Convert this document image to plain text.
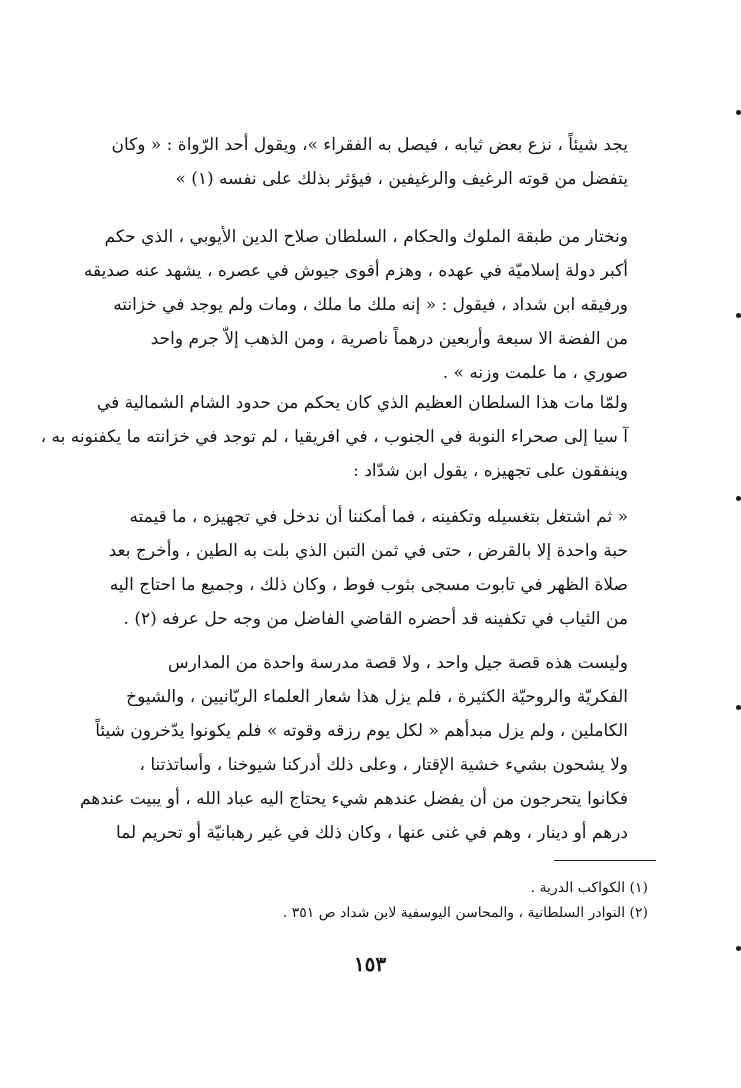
يجد شيئاً ، نزع بعض ثيابه ، فيصل به الفقراء »، ويقول أحد الرّواة : « وكان
يتفضل من قوته الرغيف والرغيفين ، فيؤثر بذلك على نفسه (١) »
ونختار من طبقة الملوك والحكام ، السلطان صلاح الدين الأيوبي ، الذي حكم
أكبر دولة إسلاميّة في عهده ، وهزم أقوى جيوش في عصره ، يشهد عنه صديقه
ورفيقه ابن شداد ، فيقول : « إنه ملك ما ملك ، ومات ولم يوجد في خزانته
من الفضة الا سبعة وأربعين درهماً ناصرية ، ومن الذهب إلاّ جرم واحد
صوري ، ما علمت وزنه » .
ولمّا مات هذا السلطان العظيم الذي كان يحكم من حدود الشام الشمالية في
آ سيا إلى صحراء النوبة في الجنوب ، في افريقيا ، لم توجد في خزانته ما يكفنونه به ،
وينفقون على تجهيزه ، يقول ابن شدّاد :
« ثم اشتغل بتغسيله وتكفينه ، فما أمكننا أن ندخل في تجهيزه ، ما قيمته
حبة واحدة إلا بالقرض ، حتى في ثمن التبن الذي بلت به الطين ، وأخرج بعد
صلاة الظهر في تابوت مسجى بثوب فوط ، وكان ذلك ، وجميع ما احتاج اليه
من الثياب في تكفينه قد أحضره القاضي الفاضل من وجه حل عرفه (٢) .
وليست هذه قصة جيل واحد ، ولا قصة مدرسة واحدة من المدارس
الفكريّة والروحيّة الكثيرة ، فلم يزل هذا شعار العلماء الربّانيين ، والشيوخ
الكاملين ، ولم يزل مبدأهم « لكل يوم رزقه وقوته » فلم يكونوا يدّخرون شيئاً
ولا يشحون بشيء خشية الإقتار ، وعلى ذلك أدركنا شيوخنا ، وأساتذتنا ،
فكانوا يتحرجون من أن يفضل عندهم شيء يحتاج اليه عباد الله ، أو يبيت عندهم
درهم أو دينار ، وهم في غنى عنها ، وكان ذلك في غير رهبانيّة أو تحريم لما
(١) الكواكب الدرية .
(٢) النوادر السلطانية ، والمحاسن اليوسفية لابن شداد ص ٣٥١ .
١٥٣
